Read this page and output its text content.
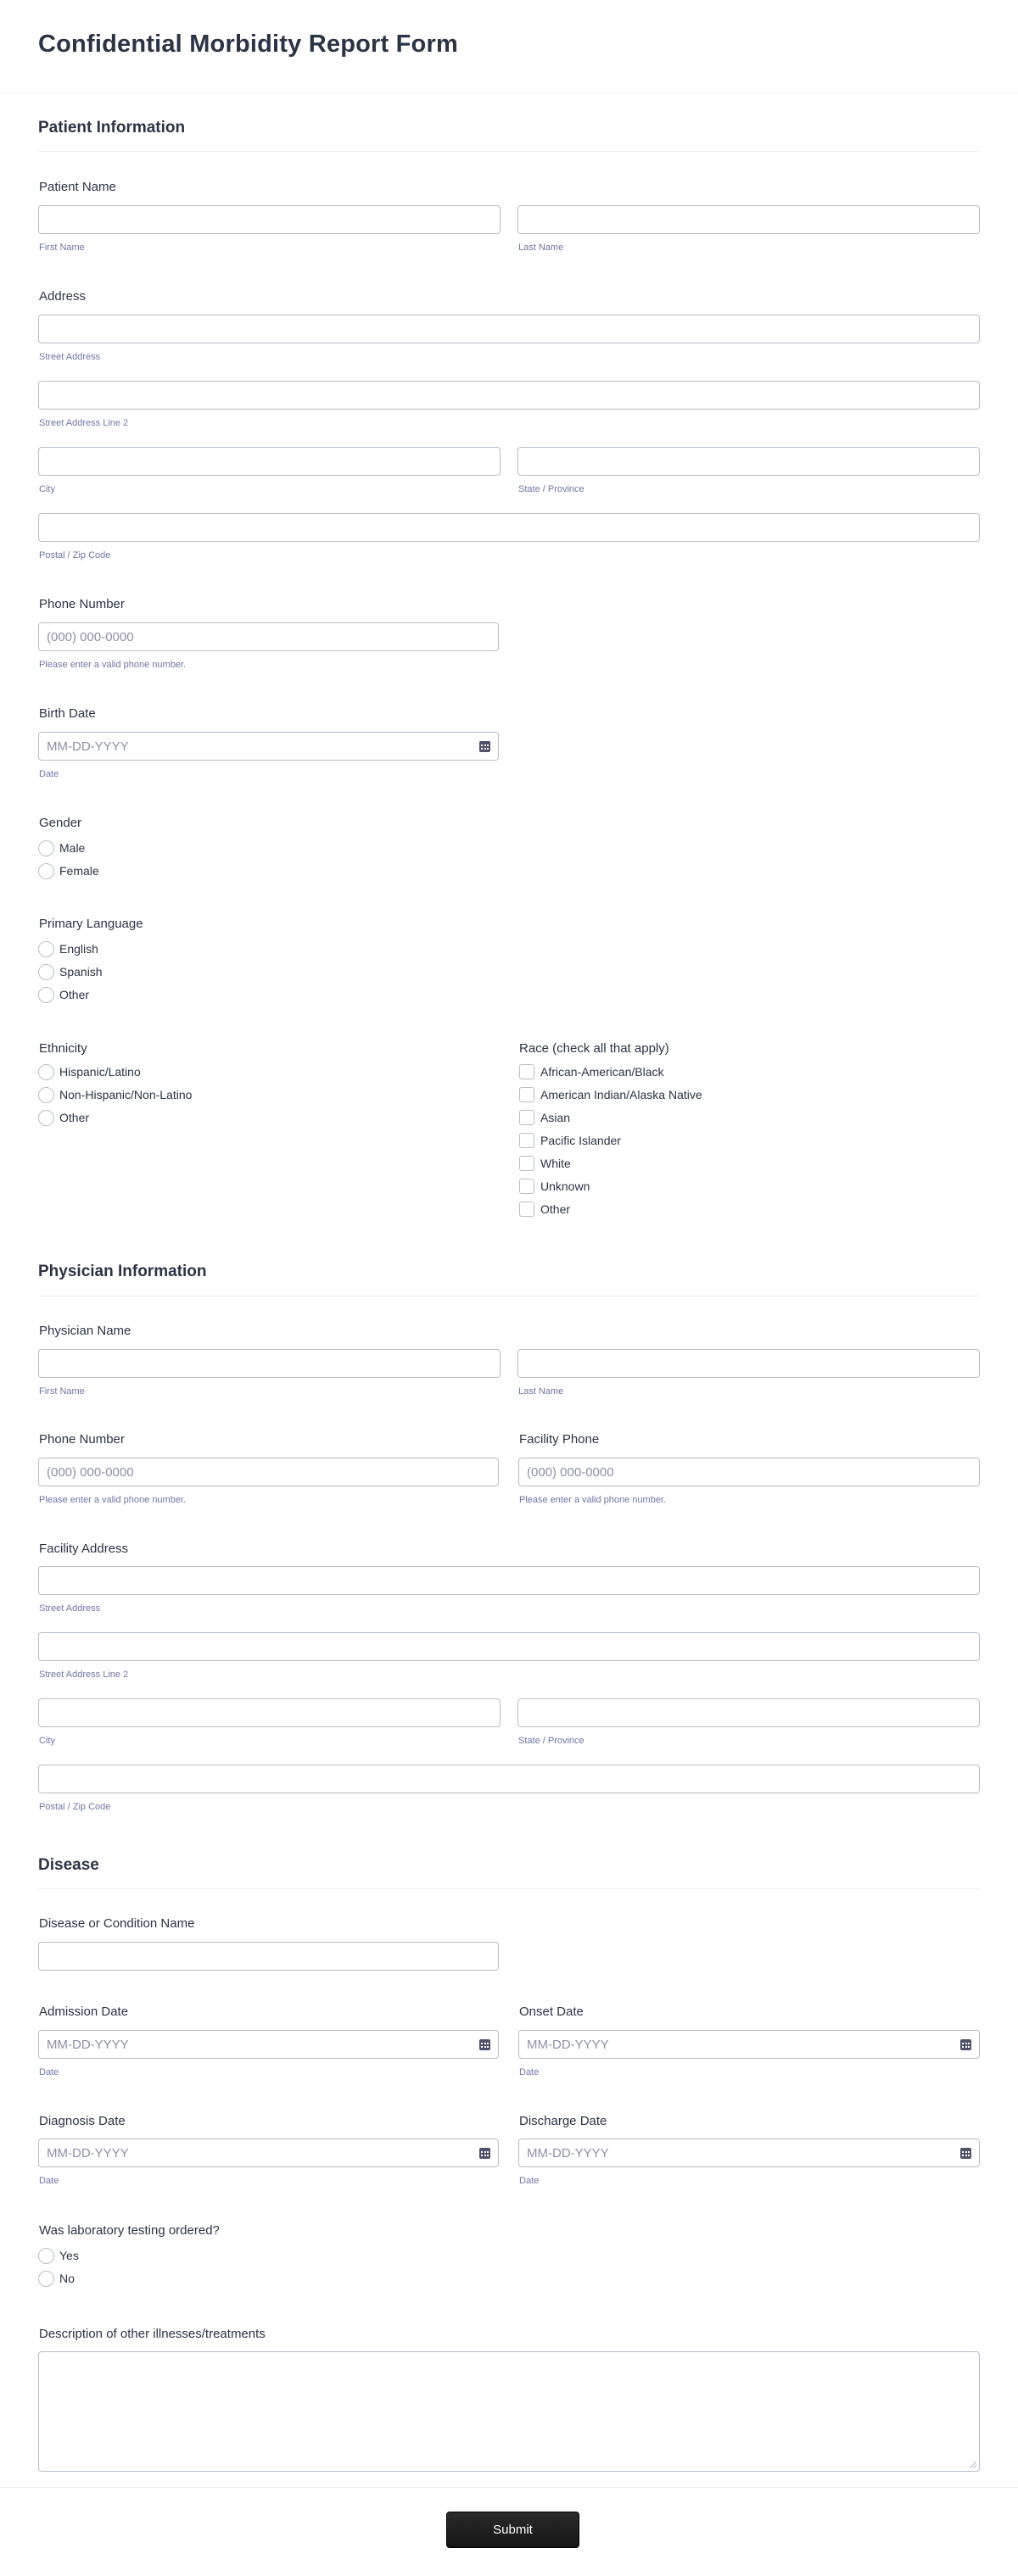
Confidential Morbidity Report Form
Patient Information
Patient Name
First Name	Last Name
Address
Street Address
Street Address Line 2
City	State / Province
Postal / Zip Code
Phone Number
(000) 000-0000
Please enter a valid phone number.
Birth Date
MM-DD-YYYY
Date
Gender
Male
Female
Primary Language
English
Spanish
Other
Ethnicity
Hispanic/Latino
Non-Hispanic/Non-Latino
Other
Race (check all that apply)
African-American/Black
American Indian/Alaska Native
Asian
Pacific Islander
White
Unknown
Other
Physician Information
Physician Name
First Name	Last Name
Phone Number
(000) 000-0000
Please enter a valid phone number.
Facility Phone
(000) 000-0000
Please enter a valid phone number.
Facility Address
Street Address
Street Address Line 2
City	State / Province
Postal / Zip Code
Disease
Disease or Condition Name
Admission Date
MM-DD-YYYY
Date
Onset Date
MM-DD-YYYY
Date
Diagnosis Date
MM-DD-YYYY
Date
Discharge Date
MM-DD-YYYY
Date
Was laboratory testing ordered?
Yes
No
Description of other illnesses/treatments
Submit
